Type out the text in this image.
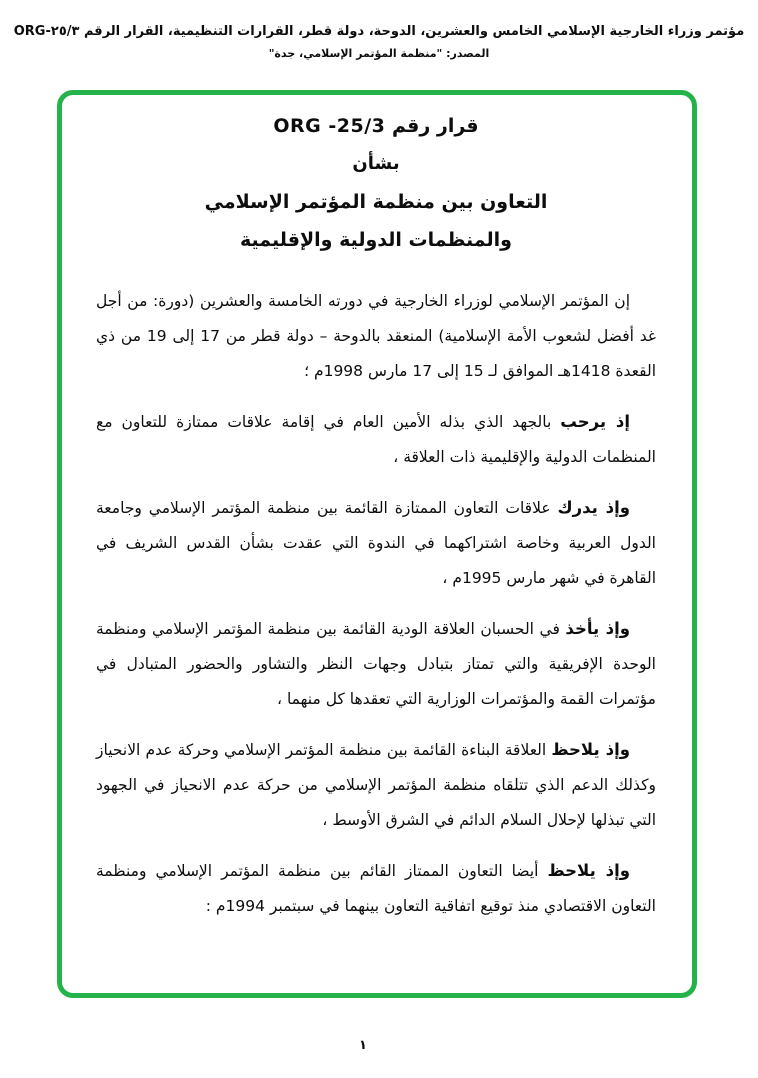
مؤتمر وزراء الخارجية الإسلامي الخامس والعشرين، الدوحة، دولة قطر، القرارات التنظيمية، القرار الرقم ORG-٢٥/٣
المصدر: "منظمة المؤتمر الإسلامي، جدة"
قرار رقم ORG -25/3
بشأن
التعاون بين منظمة المؤتمر الإسلامي
والمنظمات الدولية والإقليمية

إن المؤتمر الإسلامي لوزراء الخارجية في دورته الخامسة والعشرين (دورة: من أجل غد أفضل لشعوب الأمة الإسلامية) المنعقد بالدوحة – دولة قطر من 17 إلى 19 من ذي القعدة 1418هـ الموافق لـ 15 إلى 17 مارس 1998م ؛

إذ يرحب بالجهد الذي بذله الأمين العام في إقامة علاقات ممتازة للتعاون مع المنظمات الدولية والإقليمية ذات العلاقة ،

وإذ يدرك علاقات التعاون الممتازة القائمة بين منظمة المؤتمر الإسلامي وجامعة الدول العربية وخاصة اشتراكهما في الندوة التي عقدت بشأن القدس الشريف في القاهرة في شهر مارس 1995م ،

وإذ يأخذ في الحسبان العلاقة الودية القائمة بين منظمة المؤتمر الإسلامي ومنظمة الوحدة الإفريقية والتي تمتاز بتبادل وجهات النظر والتشاور والحضور المتبادل في مؤتمرات القمة والمؤتمرات الوزارية التي تعقدها كل منهما ،

وإذ يلاحظ العلاقة البناءة القائمة بين منظمة المؤتمر الإسلامي وحركة عدم الانحياز وكذلك الدعم الذي تتلقاه منظمة المؤتمر الإسلامي من حركة عدم الانحياز في الجهود التي تبذلها لإحلال السلام الدائم في الشرق الأوسط ،

وإذ يلاحظ أيضا التعاون الممتاز القائم بين منظمة المؤتمر الإسلامي ومنظمة التعاون الاقتصادي منذ توقيع اتفاقية التعاون بينهما في سبتمبر 1994م :

١
